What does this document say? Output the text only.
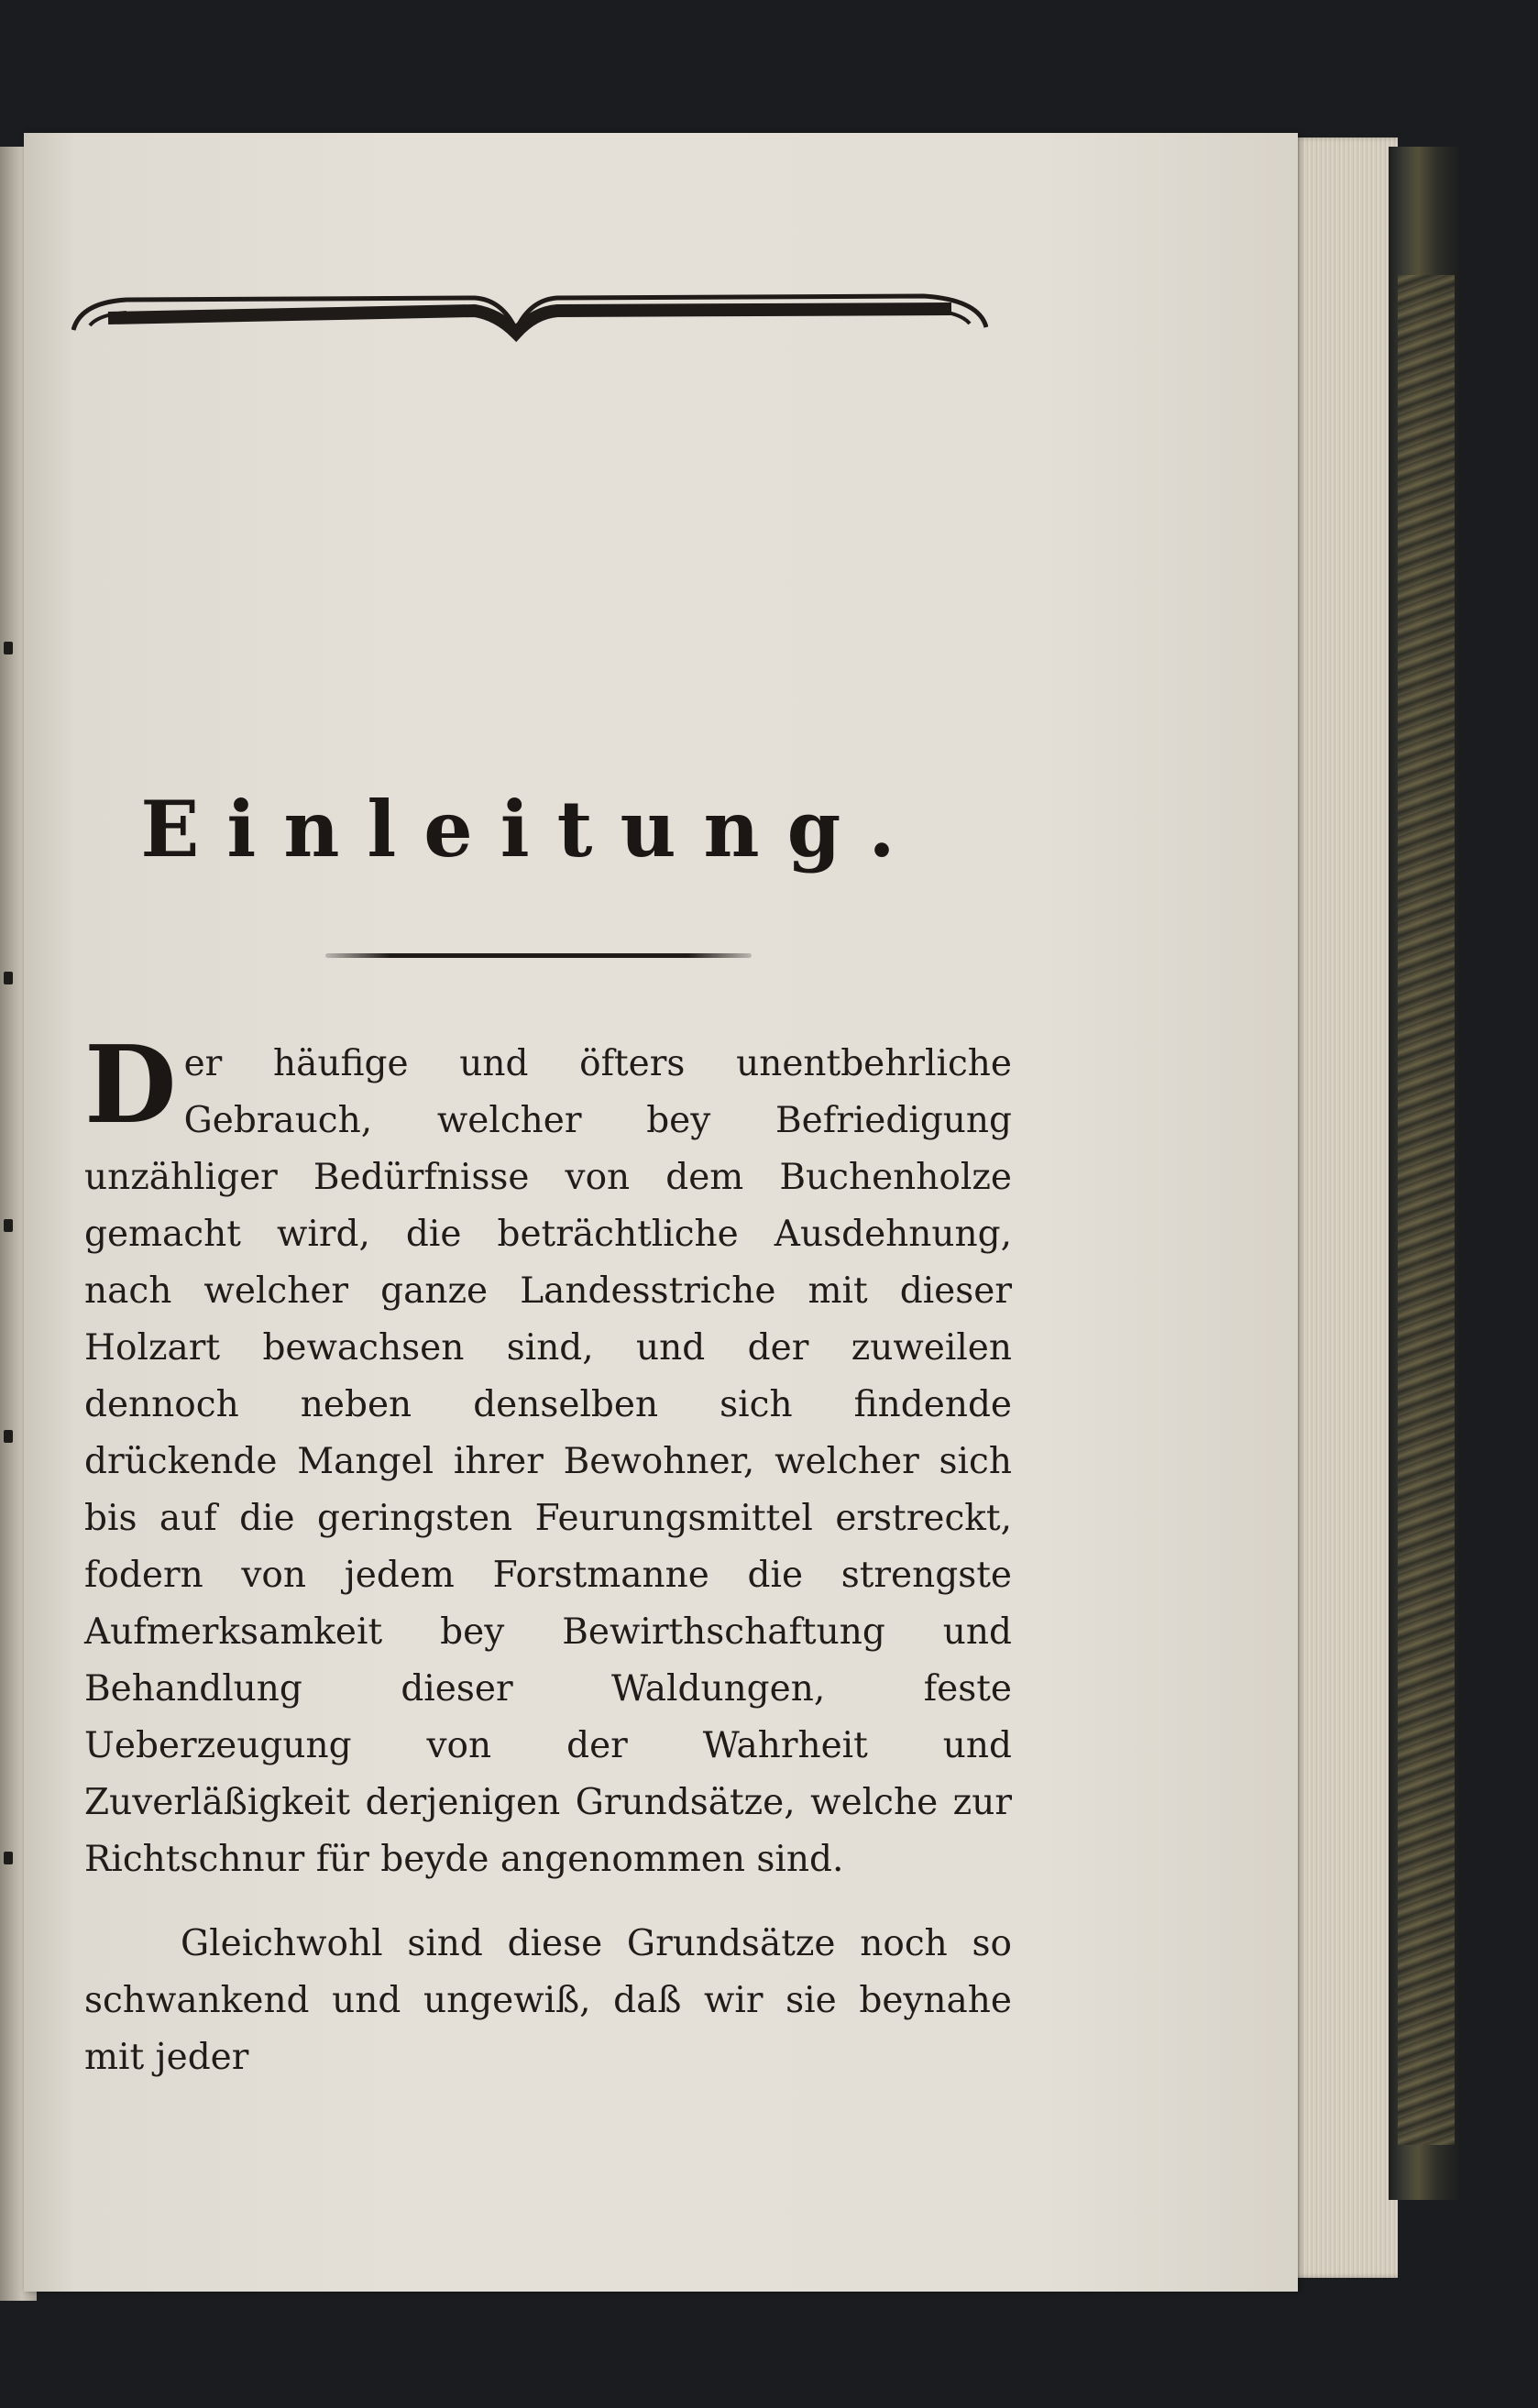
Einleitung.

Der häufige und öfters unentbehrliche Gebrauch, welcher bey Befriedigung unzähliger Bedürfnisse von dem Buchenholze gemacht wird, die beträchtliche Ausdehnung, nach welcher ganze Landesstriche mit dieser Holzart bewachsen sind, und der zuweilen dennoch neben denselben sich findende drückende Mangel ihrer Bewohner, welcher sich bis auf die geringsten Feurungsmittel erstreckt, fodern von jedem Forstmanne die strengste Aufmerksamkeit bey Bewirthschaftung und Behandlung dieser Waldungen, feste Ueberzeugung von der Wahrheit und Zuverläßigkeit derjenigen Grundsätze, welche zur Richtschnur für beyde angenommen sind.

Gleichwohl sind diese Grundsätze noch so schwankend und ungewiß, daß wir sie beynahe mit jeder
